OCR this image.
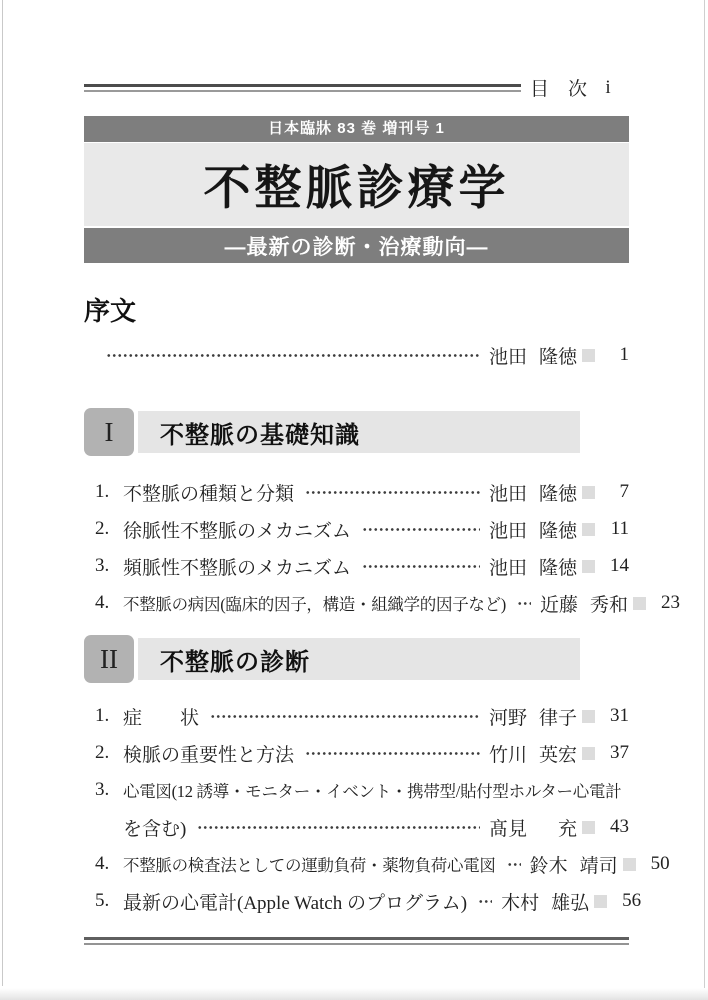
目　次 i
日本臨牀 83 巻 増刊号 1
不整脈診療学
―最新の診断・治療動向―
序文
池田 隆徳	1
I	不整脈の基礎知識
1. 不整脈の種類と分類	池田 隆徳	7
2. 徐脈性不整脈のメカニズム	池田 隆徳	11
3. 頻脈性不整脈のメカニズム	池田 隆徳	14
4. 不整脈の病因(臨床的因子，構造・組織学的因子など) 近藤 秀和	23
II	不整脈の診断
1. 症　　状	河野 律子	31
2. 検脈の重要性と方法	竹川 英宏	37
3. 心電図(12 誘導・モニター・イベント・携帯型/貼付型ホルター心電計
を含む)	髙見 充	43
4. 不整脈の検査法としての運動負荷・薬物負荷心電図 鈴木 靖司	50
5. 最新の心電計(Apple Watch のプログラム) 木村 雄弘	56
